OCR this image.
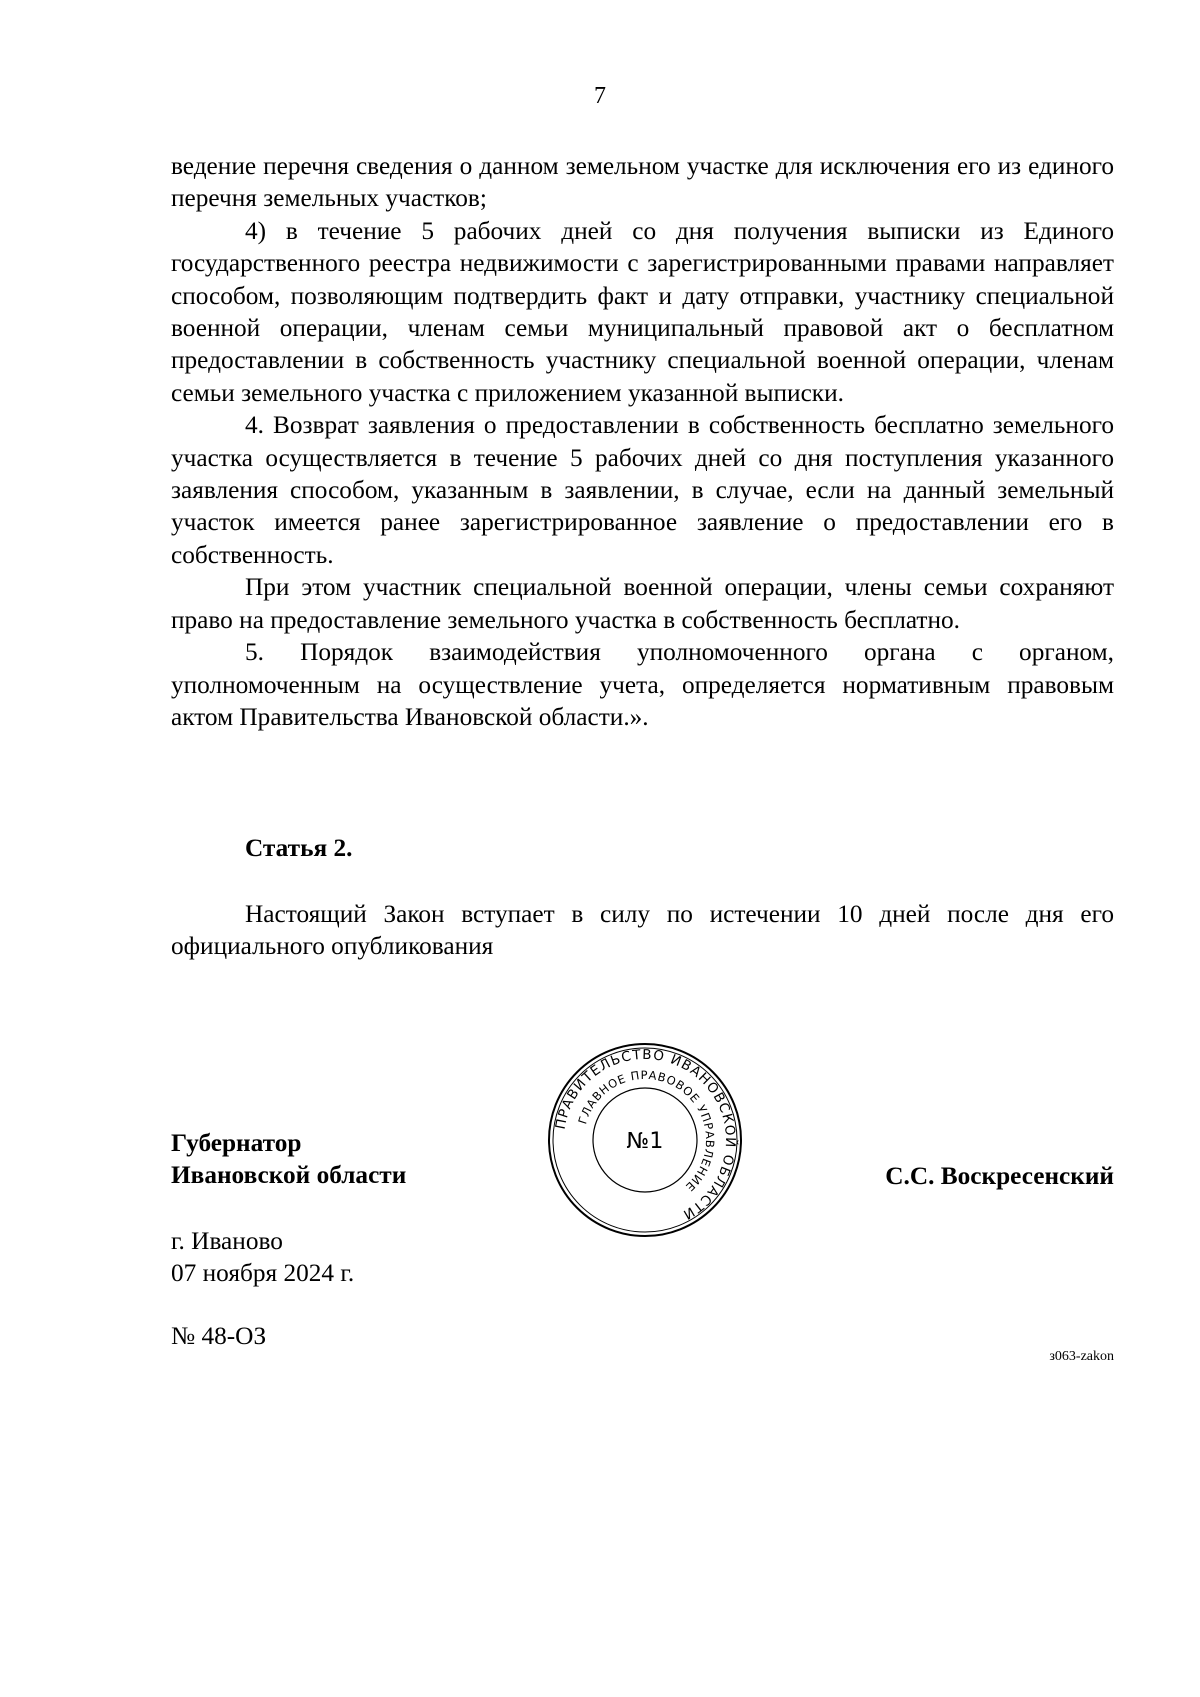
7

ведение перечня сведения о данном земельном участке для исключения его из единого перечня земельных участков;

4) в течение 5 рабочих дней со дня получения выписки из Единого государственного реестра недвижимости с зарегистрированными правами направляет способом, позволяющим подтвердить факт и дату отправки, участнику специальной военной операции, членам семьи муниципальный правовой акт о бесплатном предоставлении в собственность участнику специальной военной операции, членам семьи земельного участка с приложением указанной выписки.

4. Возврат заявления о предоставлении в собственность бесплатно земельного участка осуществляется в течение 5 рабочих дней со дня поступления указанного заявления способом, указанным в заявлении, в случае, если на данный земельный участок имеется ранее зарегистрированное заявление о предоставлении его в собственность.

При этом участник специальной военной операции, члены семьи сохраняют право на предоставление земельного участка в собственность бесплатно.

5. Порядок взаимодействия уполномоченного органа с органом, уполномоченным на осуществление учета, определяется нормативным правовым актом Правительства Ивановской области.».

Статья 2.

Настоящий Закон вступает в силу по истечении 10 дней после дня его официального опубликования

ПРАВИТЕЛЬСТВО ИВАНОВСКОЙ ОБЛАСТИ
ГЛАВНОЕ ПРАВОВОЕ УПРАВЛЕНИЕ
№1
Губернатор
Ивановской области	С.С. Воскресенский
г. Иваново
07 ноября 2024 г.
№ 48-ОЗ
з063-zakon
